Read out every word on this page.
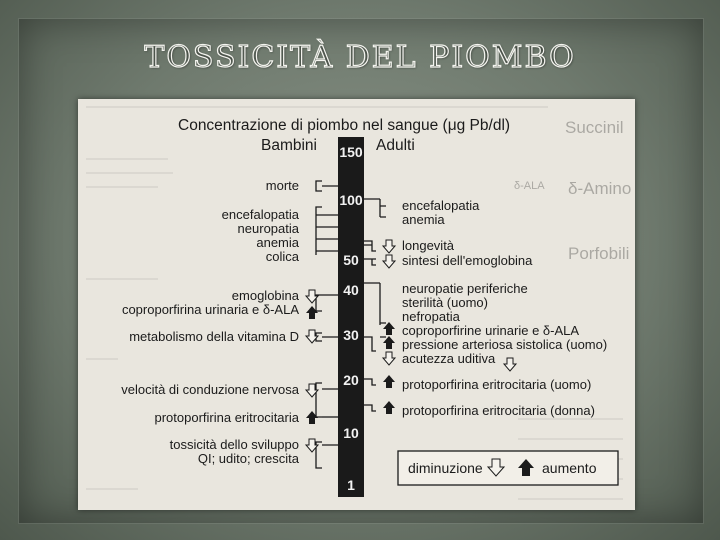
TOSSICITÀ DEL PIOMBO
Succinil
δ-Amino
Porfobili
δ-ALA
Concentrazione di piombo nel sangue (μg Pb/dl)
Bambini	Adulti
150
100
50
40
30
20
10
1
morte
encefalopatia
neuropatia
anemia
colica
emoglobina
coproporfirina urinaria e δ-ALA
metabolismo della vitamina D
velocità di conduzione nervosa
protoporfirina eritrocitaria
tossicità dello sviluppo
QI; udito; crescita
encefalopatia
anemia
longevità
sintesi dell'emoglobina
neuropatie periferiche
sterilità (uomo)
nefropatia
coproporfirine urinarie e δ-ALA
pressione arteriosa sistolica (uomo)
acutezza uditiva
protoporfirina eritrocitaria (uomo)
protoporfirina eritrocitaria (donna)
diminuzione	aumento
